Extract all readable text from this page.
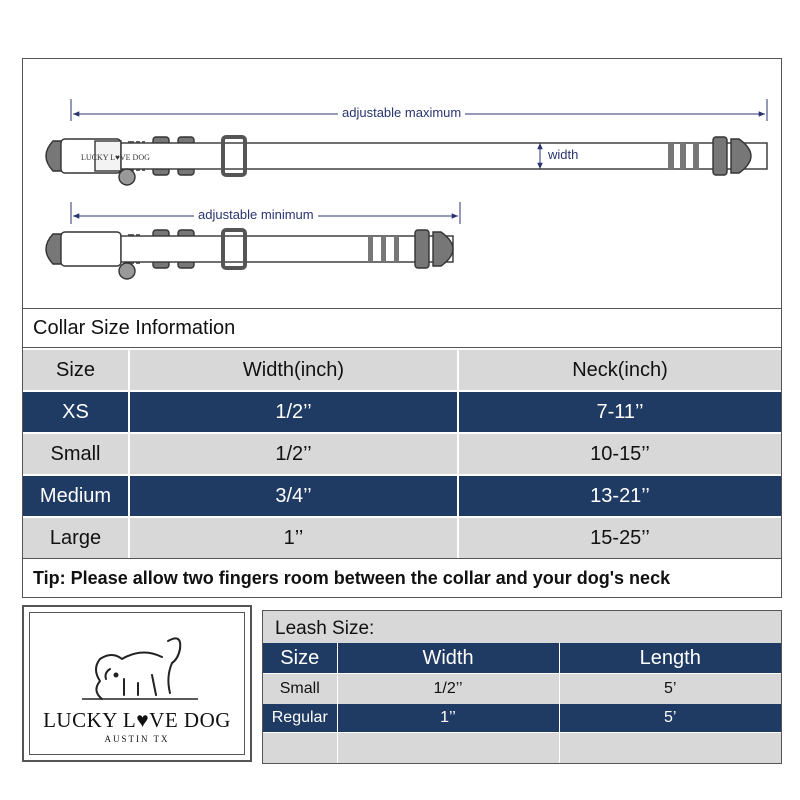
LUCKY L♥VE DOG
adjustable maximum
width
adjustable minimum
Collar Size Information
Size	Width(inch)	Neck(inch)
XS	1/2’’	7-11’’
Small	1/2’’	10-15’’
Medium	3/4’’	13-21’’
Large	1’’	15-25’’
Tip: Please allow two fingers room between the collar and your dog's neck
LUCKY L♥VE DOG
AUSTIN TX
Leash Size:
Size	Width	Length
Small	1/2’’	5’
Regular	1’’	5’
